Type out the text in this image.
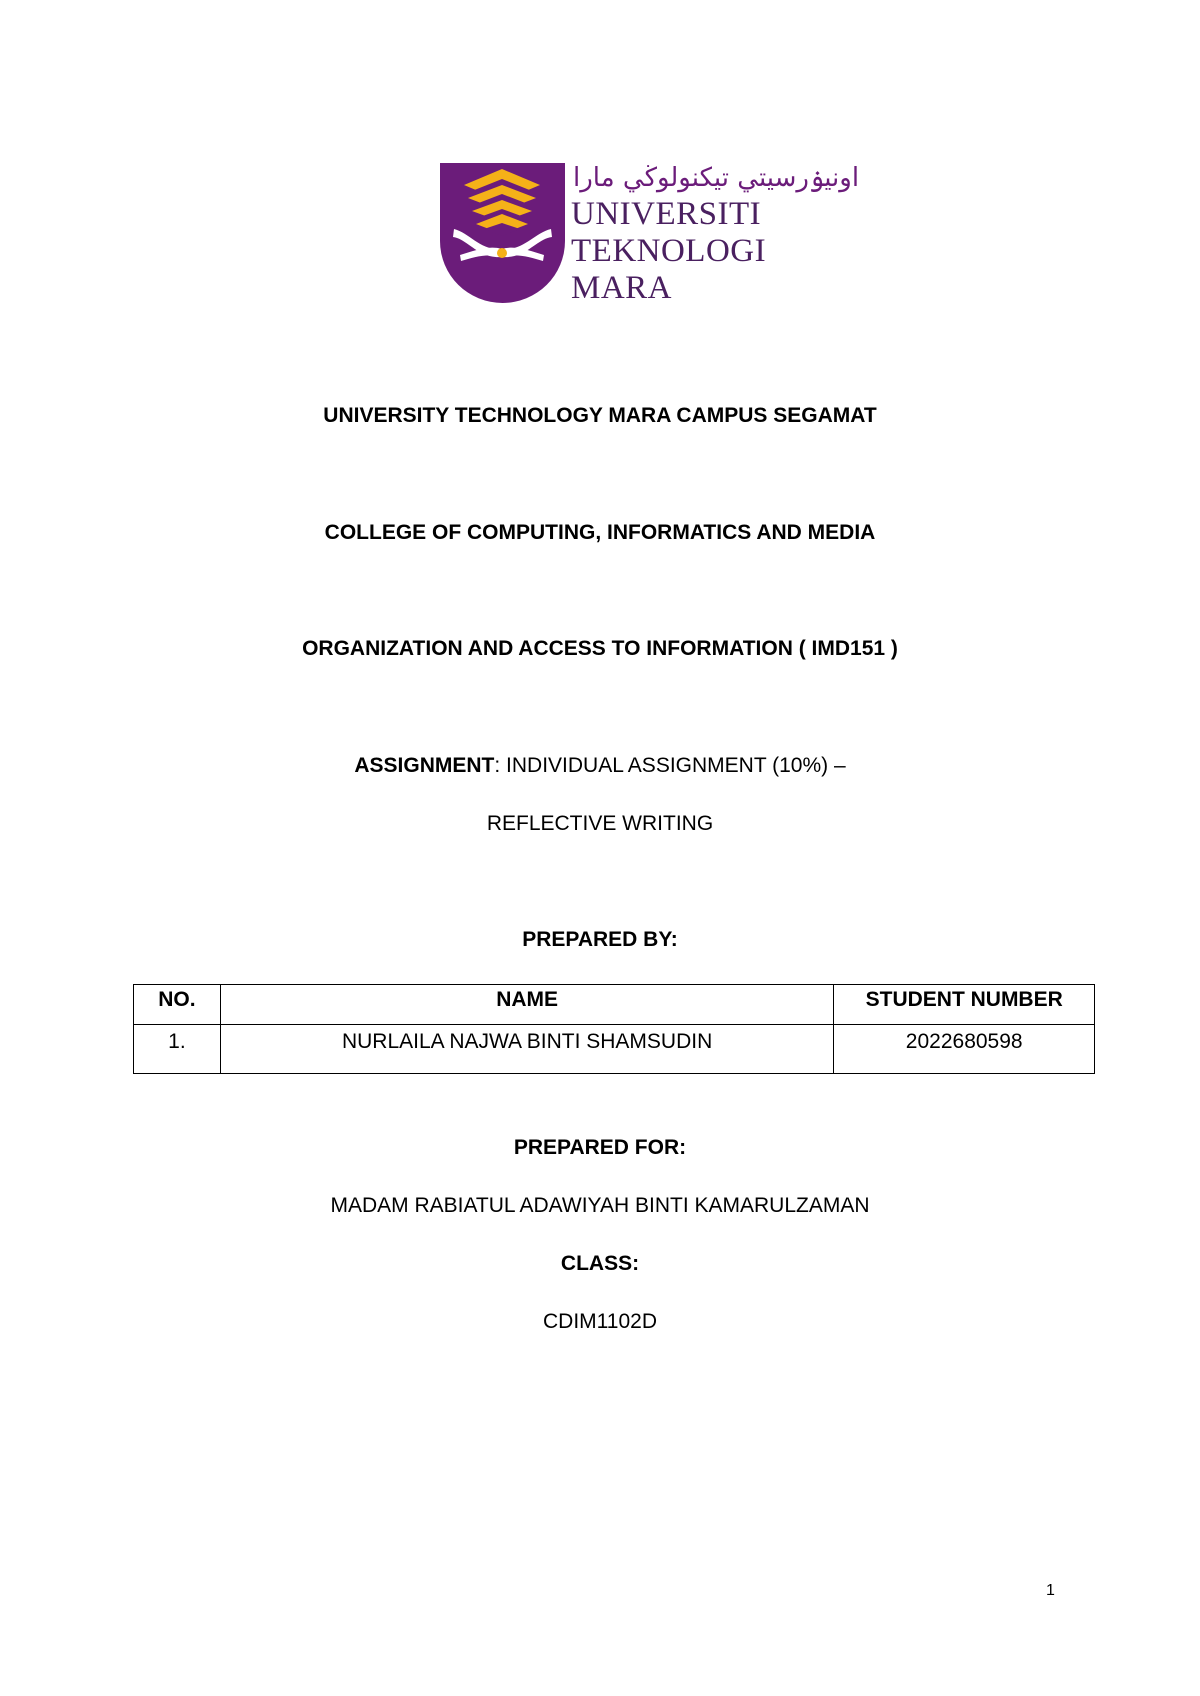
اونيۏرسيتي تيکنولوڬي مارا
UNIVERSITI
TEKNOLOGI
MARA
UNIVERSITY TECHNOLOGY MARA CAMPUS SEGAMAT
COLLEGE OF COMPUTING, INFORMATICS AND MEDIA
ORGANIZATION AND ACCESS TO INFORMATION ( IMD151 )
ASSIGNMENT: INDIVIDUAL ASSIGNMENT (10%) –
REFLECTIVE WRITING
PREPARED BY:
NO.	NAME	STUDENT NUMBER
1.	NURLAILA NAJWA BINTI SHAMSUDIN	2022680598
PREPARED FOR:
MADAM RABIATUL ADAWIYAH BINTI KAMARULZAMAN
CLASS:
CDIM1102D
1
